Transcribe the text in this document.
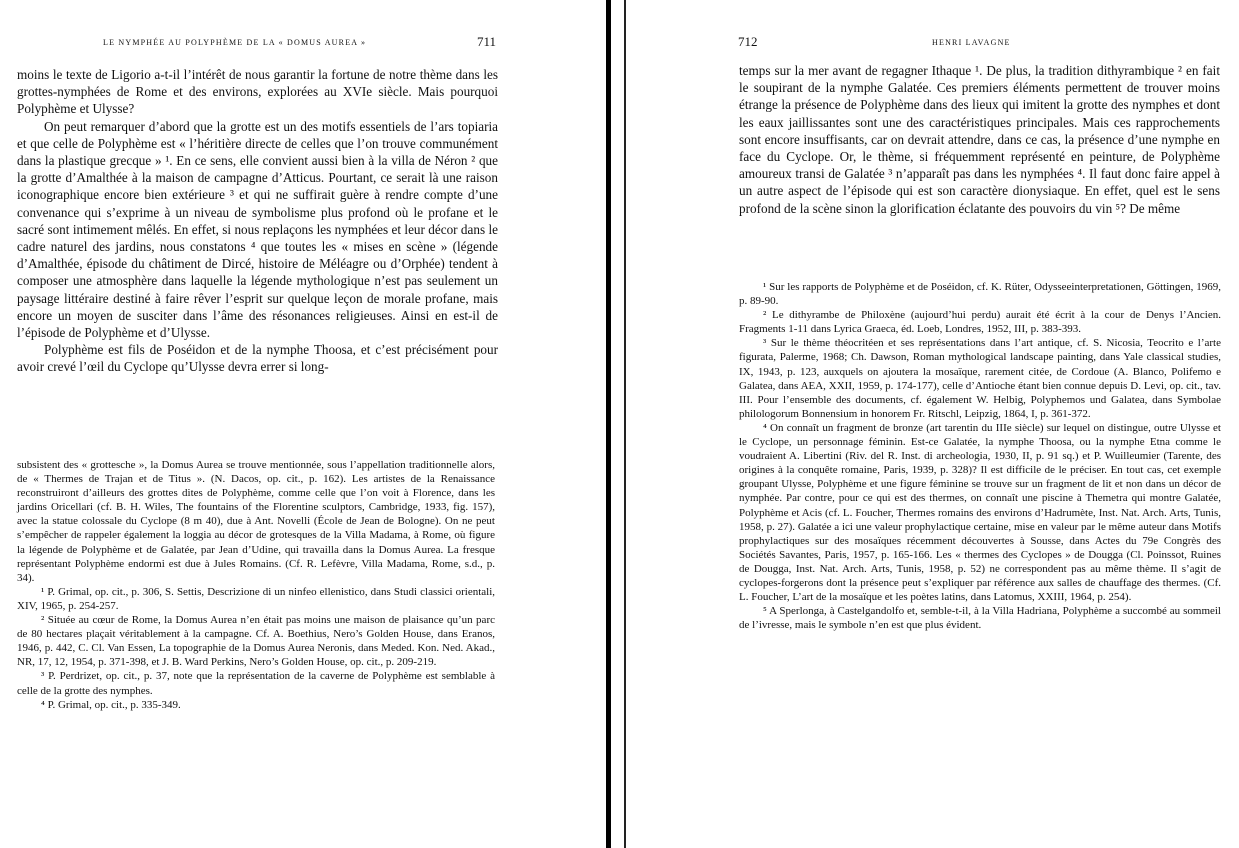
LE NYMPHÉE AU POLYPHÈME DE LA « DOMUS AUREA »	711

moins le texte de Ligorio a-t-il l’intérêt de nous garantir la fortune de notre thème dans les grottes-nymphées de Rome et des environs, explorées au XVIe siècle. Mais pourquoi Polyphème et Ulysse?

On peut remarquer d’abord que la grotte est un des motifs essentiels de l’ars topiaria et que celle de Polyphème est « l’héritière directe de celles que l’on trouve communément dans la plastique grecque » ¹. En ce sens, elle convient aussi bien à la villa de Néron ² que la grotte d’Amalthée à la maison de campagne d’Atticus. Pourtant, ce serait là une raison iconographique encore bien extérieure ³ et qui ne suffirait guère à rendre compte d’une convenance qui s’exprime à un niveau de symbolisme plus profond où le profane et le sacré sont intimement mêlés. En effet, si nous replaçons les nymphées et leur décor dans le cadre naturel des jardins, nous constatons ⁴ que toutes les « mises en scène » (légende d’Amalthée, épisode du châtiment de Dircé, histoire de Méléagre ou d’Orphée) tendent à composer une atmosphère dans laquelle la légende mythologique n’est pas seulement un paysage littéraire destiné à faire rêver l’esprit sur quelque leçon de morale profane, mais encore un moyen de susciter dans l’âme des résonances religieuses. Ainsi en est-il de l’épisode de Polyphème et d’Ulysse.

Polyphème est fils de Poséidon et de la nymphe Thoosa, et c’est précisément pour avoir crevé l’œil du Cyclope qu’Ulysse devra errer si long-

subsistent des « grottesche », la Domus Aurea se trouve mentionnée, sous l’appellation traditionnelle alors, de « Thermes de Trajan et de Titus ». (N. Dacos, op. cit., p. 162). Les artistes de la Renaissance reconstruiront d’ailleurs des grottes dites de Polyphème, comme celle que l’on voit à Florence, dans les jardins Oricellari (cf. B. H. Wiles, The fountains of the Florentine sculptors, Cambridge, 1933, fig. 157), avec la statue colossale du Cyclope (8 m 40), due à Ant. Novelli (École de Jean de Bologne). On ne peut s’empêcher de rappeler également la loggia au décor de grotesques de la Villa Madama, à Rome, où figure la légende de Polyphème et de Galatée, par Jean d’Udine, qui travailla dans la Domus Aurea. La fresque représentant Polyphème endormi est due à Jules Romains. (Cf. R. Lefèvre, Villa Madama, Rome, s.d., p. 34).

¹ P. Grimal, op. cit., p. 306, S. Settis, Descrizione di un ninfeo ellenistico, dans Studi classici orientali, XIV, 1965, p. 254-257.

² Située au cœur de Rome, la Domus Aurea n’en était pas moins une maison de plaisance qu’un parc de 80 hectares plaçait véritablement à la campagne. Cf. A. Boethius, Nero’s Golden House, dans Eranos, 1946, p. 442, C. Cl. Van Essen, La topographie de la Domus Aurea Neronis, dans Meded. Kon. Ned. Akad., NR, 17, 12, 1954, p. 371-398, et J. B. Ward Perkins, Nero’s Golden House, op. cit., p. 209-219.

³ P. Perdrizet, op. cit., p. 37, note que la représentation de la caverne de Polyphème est semblable à celle de la grotte des nymphes.

⁴ P. Grimal, op. cit., p. 335-349.

712	HENRI LAVAGNE

temps sur la mer avant de regagner Ithaque ¹. De plus, la tradition dithyrambique ² en fait le soupirant de la nymphe Galatée. Ces premiers éléments permettent de trouver moins étrange la présence de Polyphème dans des lieux qui imitent la grotte des nymphes et dont les eaux jaillissantes sont une des caractéristiques principales. Mais ces rapprochements sont encore insuffisants, car on devrait attendre, dans ce cas, la présence d’une nymphe en face du Cyclope. Or, le thème, si fréquemment représenté en peinture, de Polyphème amoureux transi de Galatée ³ n’apparaît pas dans les nymphées ⁴. Il faut donc faire appel à un autre aspect de l’épisode qui est son caractère dionysiaque. En effet, quel est le sens profond de la scène sinon la glorification éclatante des pouvoirs du vin ⁵? De même

¹ Sur les rapports de Polyphème et de Poséidon, cf. K. Rüter, Odysseeinterpretationen, Göttingen, 1969, p. 89-90.

² Le dithyrambe de Philoxène (aujourd’hui perdu) aurait été écrit à la cour de Denys l’Ancien. Fragments 1-11 dans Lyrica Graeca, éd. Loeb, Londres, 1952, III, p. 383-393.

³ Sur le thème théocritéen et ses représentations dans l’art antique, cf. S. Nicosia, Teocrito e l’arte figurata, Palerme, 1968; Ch. Dawson, Roman mythological landscape painting, dans Yale classical studies, IX, 1943, p. 123, auxquels on ajoutera la mosaïque, rarement citée, de Cordoue (A. Blanco, Polifemo e Galatea, dans AEA, XXII, 1959, p. 174-177), celle d’Antioche étant bien connue depuis D. Levi, op. cit., tav. III. Pour l’ensemble des documents, cf. également W. Helbig, Polyphemos und Galatea, dans Symbolae philologorum Bonnensium in honorem Fr. Ritschl, Leipzig, 1864, I, p. 361-372.

⁴ On connaît un fragment de bronze (art tarentin du IIIe siècle) sur lequel on distingue, outre Ulysse et le Cyclope, un personnage féminin. Est-ce Galatée, la nymphe Thoosa, ou la nymphe Etna comme le voudraient A. Libertini (Riv. del R. Inst. di archeologia, 1930, II, p. 91 sq.) et P. Wuilleumier (Tarente, des origines à la conquête romaine, Paris, 1939, p. 328)? Il est difficile de le préciser. En tout cas, cet exemple groupant Ulysse, Polyphème et une figure féminine se trouve sur un fragment de lit et non dans un décor de nymphée. Par contre, pour ce qui est des thermes, on connaît une piscine à Themetra qui montre Galatée, Polyphème et Acis (cf. L. Foucher, Thermes romains des environs d’Hadrumète, Inst. Nat. Arch. Arts, Tunis, 1958, p. 27). Galatée a ici une valeur prophylactique certaine, mise en valeur par le même auteur dans Motifs prophylactiques sur des mosaïques récemment découvertes à Sousse, dans Actes du 79e Congrès des Sociétés Savantes, Paris, 1957, p. 165-166. Les « thermes des Cyclopes » de Dougga (Cl. Poinssot, Ruines de Dougga, Inst. Nat. Arch. Arts, Tunis, 1958, p. 52) ne correspondent pas au même thème. Il s’agit de cyclopes-forgerons dont la présence peut s’expliquer par référence aux salles de chauffage des thermes. (Cf. L. Foucher, L’art de la mosaïque et les poètes latins, dans Latomus, XXIII, 1964, p. 254).

⁵ A Sperlonga, à Castelgandolfo et, semble-t-il, à la Villa Hadriana, Polyphème a succombé au sommeil de l’ivresse, mais le symbole n’en est que plus évident.
